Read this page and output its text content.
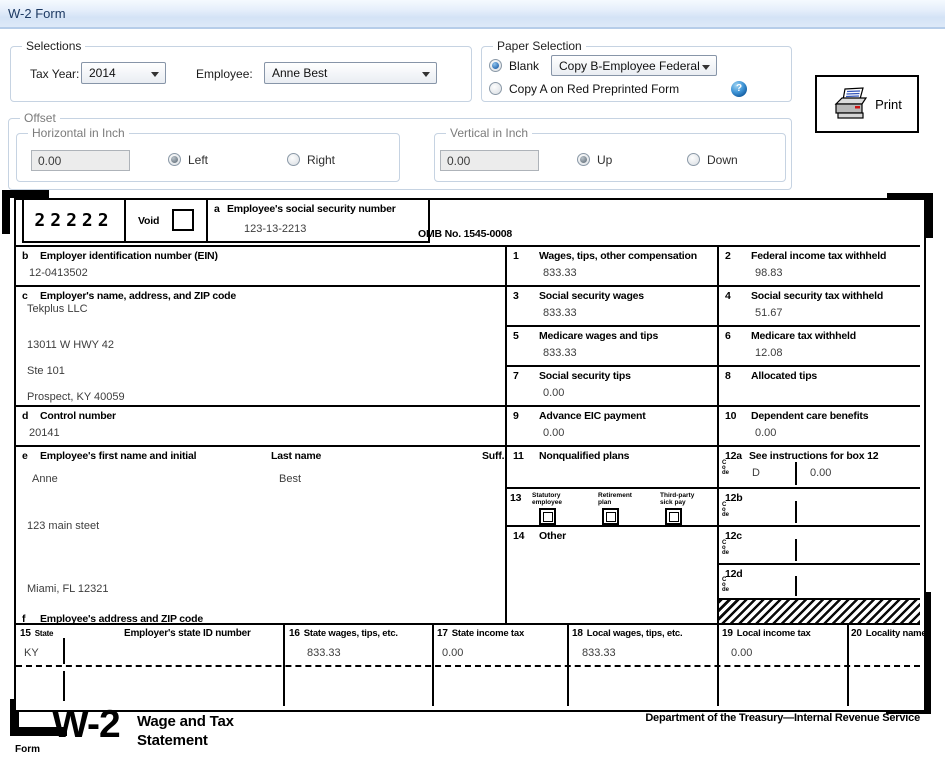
W-2 Form
Selections
Tax Year: 2014	Employee:	Anne Best
Paper Selection
Blank	Copy B-Employee Federal
Copy A on Red Preprinted Form	?
Print
Offset
Horizontal in Inch
0.00
Left	Right
Vertical in Inch
0.00
Up	Down
22222	Void
a Employee's social security number
123-13-2213	OMB No. 1545-0008
b Employer identification number (EIN)
12-0413502
c Employer's name, address, and ZIP code
Tekplus LLC
13011 W HWY 42
Ste 101
Prospect, KY 40059
d Control number
20141
e Employee's first name and initial	Last name	Suff.
Anne	Best
123 main steet
Miami, FL 12321
f Employee's address and ZIP code
1 Wages, tips, other compensation
833.33
2 Federal income tax withheld
98.83
3 Social security wages
833.33
4 Social security tax withheld
51.67
5 Medicare wages and tips
833.33
6 Medicare tax withheld
12.08
7 Social security tips
0.00
8 Allocated tips
9 Advance EIC payment
0.00
10 Dependent care benefits
0.00
11 Nonqualified plans	12a See instructions for box 12
Code D	0.00
13 Statutory employee
Retirement plan
Third-party sick pay	12b
Code
14 Other	12c
Code
12d
Code
15 State	Employer's state ID number
KY
16 State wages, tips, etc.
833.33
17 State income tax
0.00
18 Local wages, tips, etc.
833.33
19 Local income tax
0.00
20 Locality name
Form
W-2 Wage and Tax
Statement
Department of the Treasury—Internal Revenue Service
